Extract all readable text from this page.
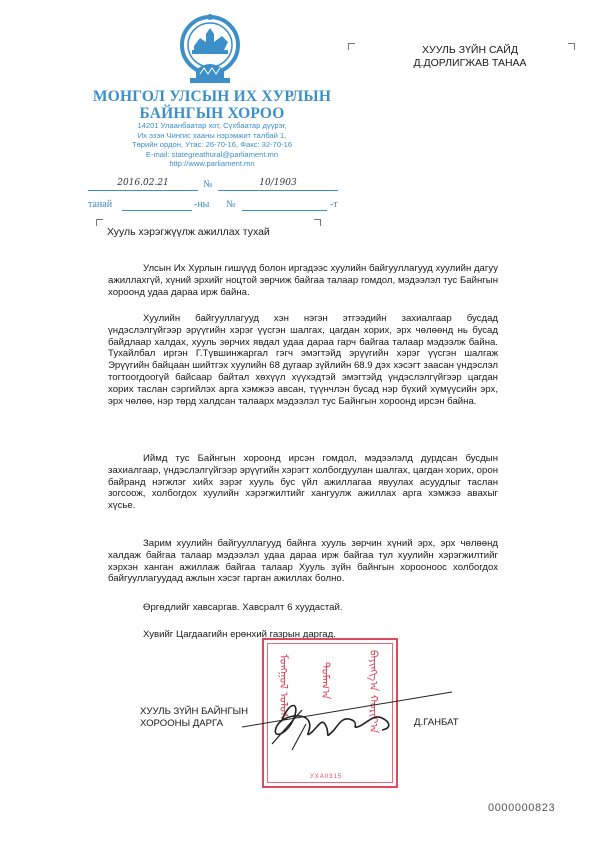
МОНГОЛ УЛСЫН ИХ ХУРЛЫН
БАЙНГЫН ХОРОО
14201 Улаанбаатар хот, Сүхбаатар дүүрэг,
Их эзэн Чингис хааны нэрэмжит талбай 1,
Төрийн ордон, Утас: 26-70-16, Факс: 32-70-16
E-mail: stategreathural@parliament.mn
http://www.parliament.mn
2016.02.21	№	10/1903
танай	-ны №	-т
ХУУЛЬ ЗҮЙН САЙД
Д.ДОРЛИГЖАВ ТАНАА
Хууль хэрэгжүүлж ажиллах тухай
Улсын Их Хурлын гишүүд болон иргэдээс хуулийн байгууллагууд хуулийн дагуу ажиллахгүй, хүний эрхийг ноцтой зөрчиж байгаа талаар гомдол, мэдээлэл тус Байнгын хороонд удаа дараа ирж байна.
Хуулийн байгууллагууд хэн нэгэн этгээдийн захиалгаар бусдад үндэслэлгүйгээр эрүүгийн хэрэг үүсгэн шалгах, цагдан хорих, эрх чөлөөнд нь бусад байдлаар халдах, хууль зөрчих явдал удаа дараа гарч байгаа талаар мэдээлж байна. Тухайлбал иргэн Г.Түвшинжаргал гэгч эмэгтэйд эрүүгийн хэрэг үүсгэн шалгаж Эрүүгийн байцаан шийтгэх хуулийн 68 дугаар зүйлийн 68.9 дэх хэсэгт заасан үндэслэл тогтоогдоогүй байсаар байтал хөхүүл хүүхэдтэй эмэгтэйд үндэслэлгүйгээр цагдан хорих таслан сэргийлэх арга хэмжээ авсан, түүнчлэн бусад нэр бүхий хүмүүсийн эрх, эрх чөлөө, нэр төрд халдсан талаарх мэдээлэл тус Байнгын хороонд ирсэн байна.
Иймд тус Байнгын хороонд ирсэн гомдол, мэдээлэлд дурдсан бусдын захиалгаар, үндэслэлгүйгээр эрүүгийн хэрэгт холбогдуулан шалгах, цагдан хорих, орон байранд нэгжлэг хийх зэрэг хууль бус үйл ажиллагаа явуулах асуудлыг таслан зогсоож, холбогдох хуулийн хэрэгжилтийг хангуулж ажиллах арга хэмжээ авахыг хүсье.
Зарим хуулийн байгууллагууд байнга хууль зөрчин хүний эрх, эрх чөлөөнд халдаж байгаа талаар мэдээлэл удаа дараа ирж байгаа тул хуулийн хэрэгжилтийг хэрхэн ханган ажиллаж байгаа талаар Хууль зүйн байнгын хорооноос холбогдох байгууллагуудад ажлын хэсэг гарган ажиллах болно.
Өргөдлийг хавсаргав. Хавсралт 6 хуудастай.
Хувийг Цагдаагийн ерөнхий газрын даргад.
ᠮᠣᠩᠭᠣᠯ ᠤᠯᠤᠰ	ᠲᠣᠮᠠᠭ᠎ᠠ	ᠪᠠᠶᠢᠩᠭ᠎ᠠ ᠬᠣᠷᠢᠶ᠎ᠠ
УХА0315
ХУУЛЬ ЗҮЙН БАЙНГЫН
ХОРООНЫ ДАРГА	Д.ГАНБАТ
0000000823
